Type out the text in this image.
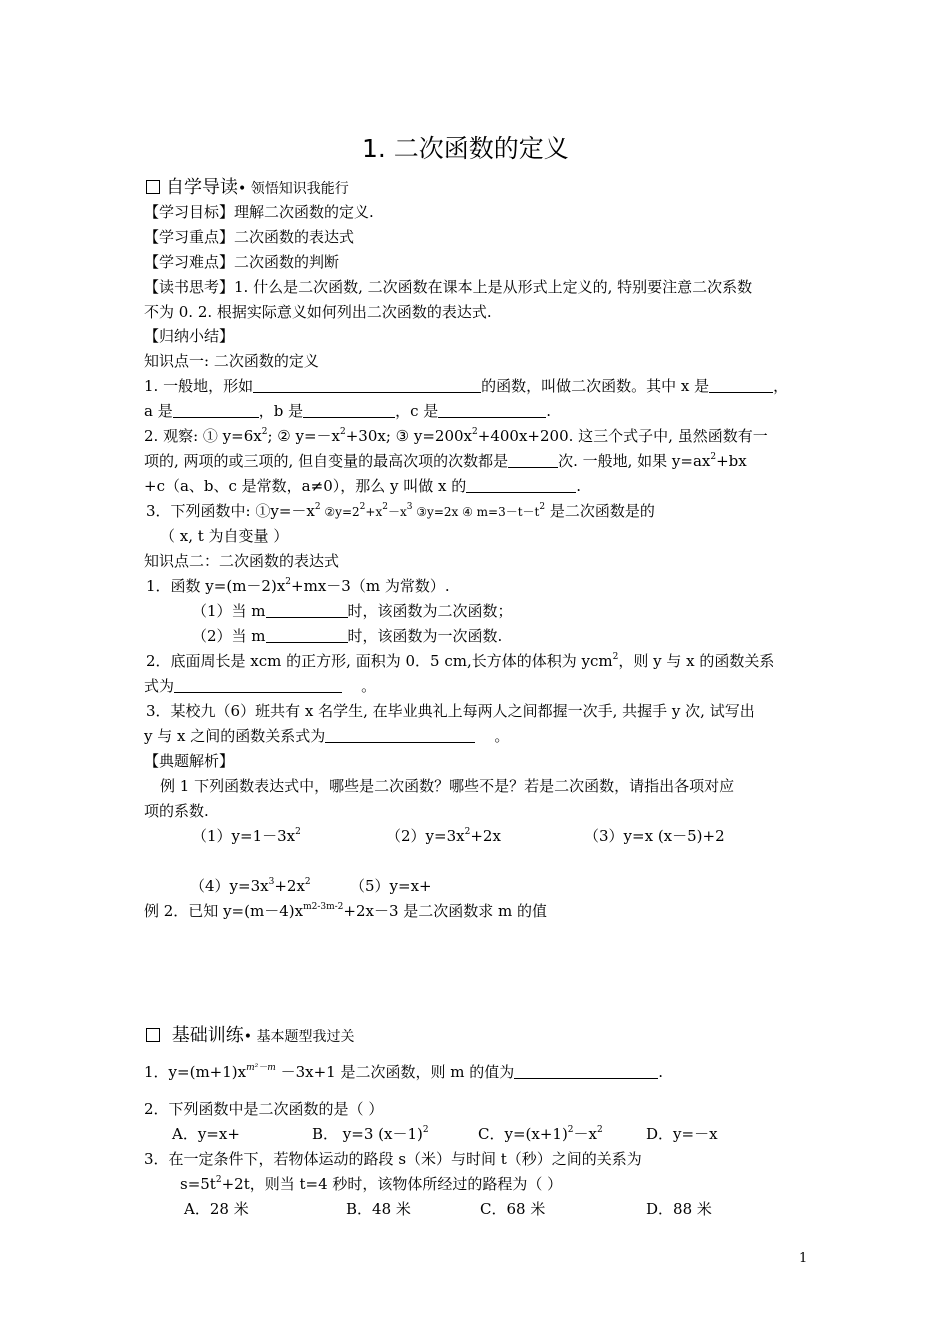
1. 二次函数的定义
自学导读• 领悟知识我能行
【学习目标】理解二次函数的定义.
【学习重点】二次函数的表达式
【学习难点】二次函数的判断
【读书思考】1. 什么是二次函数, 二次函数在课本上是从形式上定义的, 特别要注意二次系数
不为 0. 2. 根据实际意义如何列出二次函数的表达式.
【归纳小结】
知识点一: 二次函数的定义
1. 一般地，形如	的函数，叫做二次函数。其中 x 是	，
a 是	，b 是	，c 是	.
2. 观察: ① $y=6x^2$; ② $y=-x^2+30x$; ③ $y=200x^2+400x+200$. 这三个式子中, 虽然函数有一
项的, 两项的或三项的, 但自变量的最高次项的次数都是	次. 一般地, 如果 $y=ax^2+bx$
+c（a、b、c 是常数，a≠0），那么 y 叫做 x 的	.
3．下列函数中: $①y=-x^2$ $②y=2^2+x^2-x^3$ ③y=2x ④ $m=3-t-t^2$ 是二次函数是的
（ x, t 为自变量 ）
知识点二：二次函数的表达式
1．函数 $y=(m-2)x^2+mx-3(m$ 为常数）.
（1）当 m	时，该函数为二次函数；
（2）当 m	时，该函数为一次函数.
2．底面周长是 xcm 的正方形, 面积为 0．5 cm,长方体的体积为 ycm$^2$，则 y 与 x 的函数关系
式为	。
3．某校九（6）班共有 x 名学生, 在毕业典礼上每两人之间都握一次手, 共握手 y 次, 试写出
y 与 x 之间的函数关系式为	。
【典题解析】
例 1 下列函数表达式中，哪些是二次函数？哪些不是？若是二次函数，请指出各项对应
项的系数.
$(1)y=1-3x^2$	$(2)y=3x^2+2x$	（3）y=x (x－5)+2
$(4)y=3x^3+2x^2$	（5）y=x+
例 2．已知 $y=(m-4)x^{m2-3m-2}+2x-3$ 是二次函数求 m 的值
基础训练• 基本题型我过关
1．$y=(m+1)x^{m^2-m} -3x+1$ 是二次函数，则 m 的值为	.
2．下列函数中是二次函数的是（ ）
A．y=x+	B． y=3 $(x-1)^2$	C．$y=(x+1)^2-x^2$	D．y=－x
3．在一定条件下，若物体运动的路段 s（米）与时间 t（秒）之间的关系为
$s=5t^2+2t$，则当 t=4 秒时，该物体所经过的路程为（ ）
A．28 米	B．48 米	C．68 米	D．88 米
1
